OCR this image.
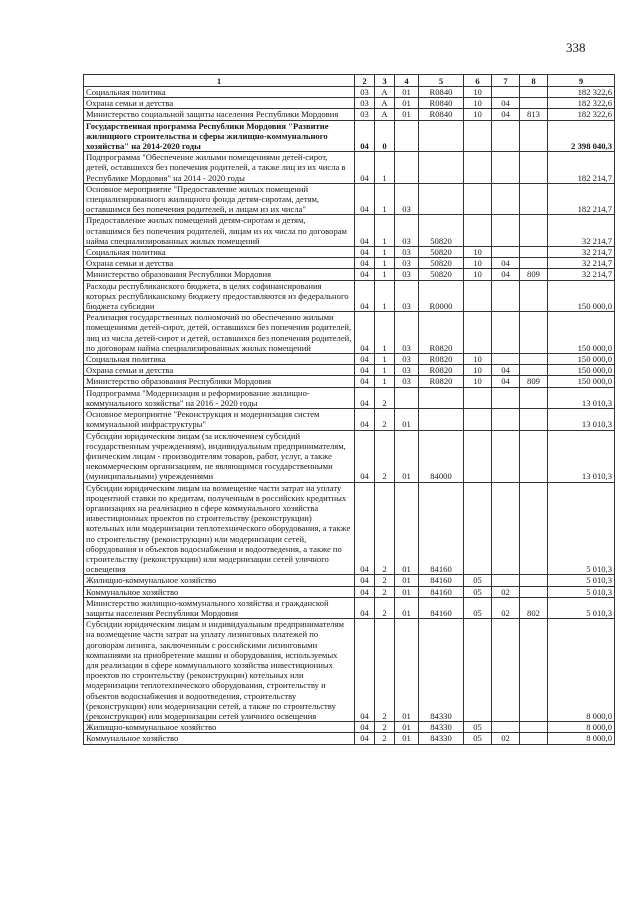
338
1	2	3	4	5	6	7	8	9
Социальная политика	03	А	01	R0840	10			182 322,6
Охрана семьи и детства	03	А	01	R0840	10	04		182 322,6
Министерство социальной защиты населения Республики Мордовия	03	А	01	R0840	10	04	813	182 322,6
Государственная программа Республики Мордовия "Развитие жилищного строительства и сферы жилищно-коммунального хозяйства" на 2014-2020 годы	04	0						2 398 040,3
Подпрограмма "Обеспечение жилыми помещениями детей-сирот, детей, оставшихся без попечения родителей, а также лиц из их числа в Республике Мордовия" на 2014 - 2020 годы	04	1						182 214,7
Основное мероприятие "Предоставление жилых помещений специализированного жилищного фонда детям-сиротам, детям, оставшимся без попечения родителей, и лицам из их числа"	04	1	03					182 214,7
Предоставление жилых помещений детям-сиротам и детям, оставшимся без попечения родителей, лицам из их числа по договорам найма специализированных жилых помещений	04	1	03	50820				32 214,7
Социальная политика	04	1	03	50820	10			32 214,7
Охрана семьи и детства	04	1	03	50820	10	04		32 214,7
Министерство образования Республики Мордовия	04	1	03	50820	10	04	809	32 214,7
Расходы республиканского бюджета, в целях софинансирования которых республиканскому бюджету предоставляются из федерального бюджета субсидии	04	1	03	R0000				150 000,0
Реализация государственных полномочий по обеспечению жилыми помещениями детей-сирот, детей, оставшихся без попечения родителей, лиц из числа детей-сирот и детей, оставшихся без попечения родителей, по договорам найма специализированных жилых помещений	04	1	03	R0820				150 000,0
Социальная политика	04	1	03	R0820	10			150 000,0
Охрана семьи и детства	04	1	03	R0820	10	04		150 000,0
Министерство образования Республики Мордовия	04	1	03	R0820	10	04	809	150 000,0
Подпрограмма "Модернизация и реформирование жилищно-коммунального хозяйства" на 2016 - 2020 годы	04	2						13 010,3
Основное мероприятие "Реконструкция и модернизация систем коммунальной инфраструктуры"	04	2	01					13 010,3
Субсидии юридическим лицам (за исключением субсидий государственным учреждениям), индивидуальным предпринимателям, физическим лицам - производителям товаров, работ, услуг, а также некоммерческим организациям, не являющимся государственными (муниципальными) учреждениями	04	2	01	84000				13 010,3
Субсидии юридическим лицам на возмещение части затрат на уплату процентной ставки по кредитам, полученным в российских кредитных организациях на реализацию в сфере коммунального хозяйства инвестиционных проектов по строительству (реконструкции) котельных или модернизации теплотехнического оборудования, а также по строительству (реконструкции) или модернизации сетей, оборудования и объектов водоснабжения и водоотведения, а также по строительству (реконструкции) или модернизации сетей уличного освещения	04	2	01	84160				5 010,3
Жилищно-коммунальное хозяйство	04	2	01	84160	05			5 010,3
Коммунальное хозяйство	04	2	01	84160	05	02		5 010,3
Министерство жилищно-коммунального хозяйства и гражданской защиты населения Республики Мордовия	04	2	01	84160	05	02	802	5 010,3
Субсидии юридическим лицам и индивидуальным предпринимателям на возмещение части затрат на уплату лизинговых платежей по договорам лизинга, заключенным с российскими лизинговыми компаниями на приобретение машин и оборудования, используемых для реализации в сфере коммунального хозяйства инвестиционных проектов по строительству (реконструкции) котельных или модернизации теплотехнического оборудования, строительству и объектов водоснабжения и водоотведения, строительству (реконструкции) или модернизации сетей, а также по строительству (реконструкции) или модернизации сетей уличного освещения	04	2	01	84330				8 000,0
Жилищно-коммунальное хозяйство	04	2	01	84330	05			8 000,0
Коммунальное хозяйство	04	2	01	84330	05	02		8 000,0
